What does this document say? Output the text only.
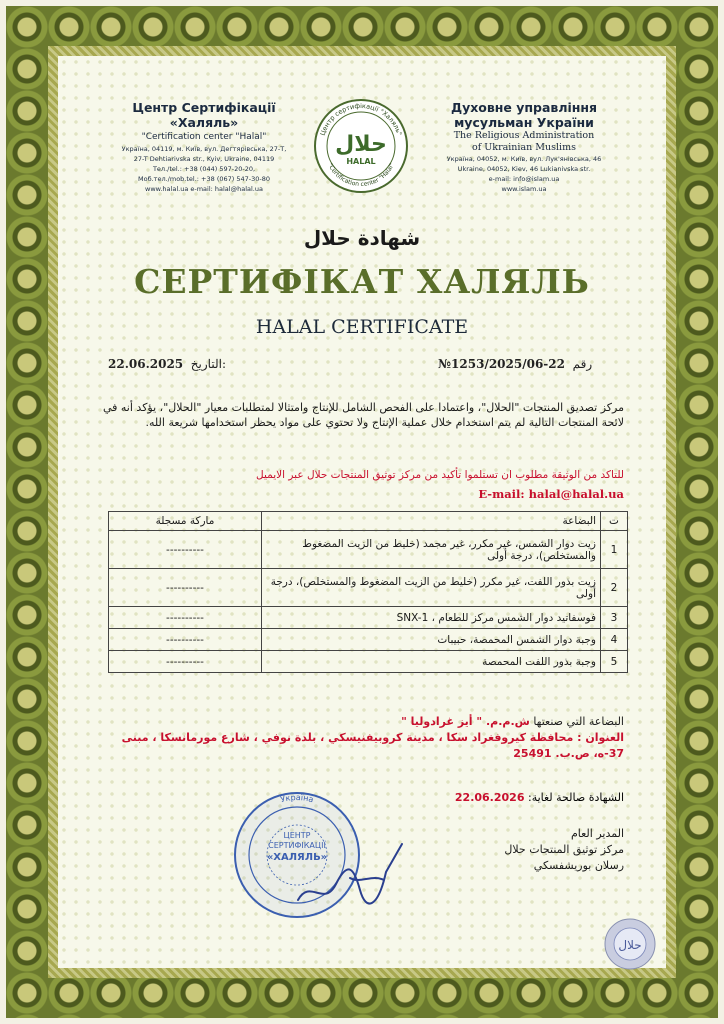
Центр Сертифікації
«Халяль»
"Certification center "Halal"
Україна, 04119, м. Київ, вул. Дегтярівська, 27-Т,
27-T Dehtiarivska str., Kyiv, Ukraine, 04119
Тел./tel.: +38 (044) 597-20-20,
Моб.тел./mob.tel.: +38 (067) 547-30-80
www.halal.ua e-mail: halal@halal.ua
Центр сертифікації "Халяль"
"Certification center "Halal"
حلال
HALAL
Духовне управління
мусульман України
The Religious Administration
of Ukrainian Muslims
Україна, 04052, м. Київ, вул. Лук'янівська, 46
Ukraine, 04052, Kiev, 46 Lukianivska str.
e-mail: info@islam.ua
www.islam.ua
شهادة حلال
СЕРТИФІКАТ ХАЛЯЛЬ
HALAL CERTIFICATE
22.06.2025 التاريخ:	№1253/2025/06-22 رقم
مركز تصديق المنتجات "الحلال"، واعتمادا على الفحص الشامل للإنتاج وامتثالا لمتطلبات معيار "الحلال"، يؤكد أنه في لائحة المنتجات التالية لم يتم استخدام خلال عملية الإنتاج ولا تحتوي على مواد يحظر استخدامها شريعة الله.
للتاكد من الوثيقة مطلوب ان تستلموا تأكيد من مركز توثيق المنتجات حلال عبر الايميل
E-mail: halal@halal.ua
ت	البضاعة	ماركة مسجلة
1	زيت دوار الشمس، غير مكرر، غير مجمد (خليط من الزيت المضغوط والمستخلص)، درجة أولى	----------
2	زيت بذور اللفت، غير مكرر (خليط من الزيت المضغوط والمستخلص)، درجة أولى	----------
3	فوسفاتيد دوار الشمس مركز للطعام ، SNX-1	----------
4	وجبة دوار الشمس المحمصة، حبيبات	----------
5	وجبة بذور اللفت المحمصة	----------
البضاعة التي صنعتها ش.م.م. " أيز غرادوليا "
العنوان : محافظة كيروفغراد سكا ، مدينة كروبيفنيسكي ، بلدة نوفي ، شارع مورمانسكا ، مبنى
37-ه، ص.ب. 25491
الشهادة صالحة لغاية: 22.06.2026
المدير العام
مركز توثيق المنتجات حلال
رسلان بوريشفسكي
Україна
ЦЕНТР
СЕРТИФІКАЦІЇ
«ХАЛЯЛЬ»
حلال
